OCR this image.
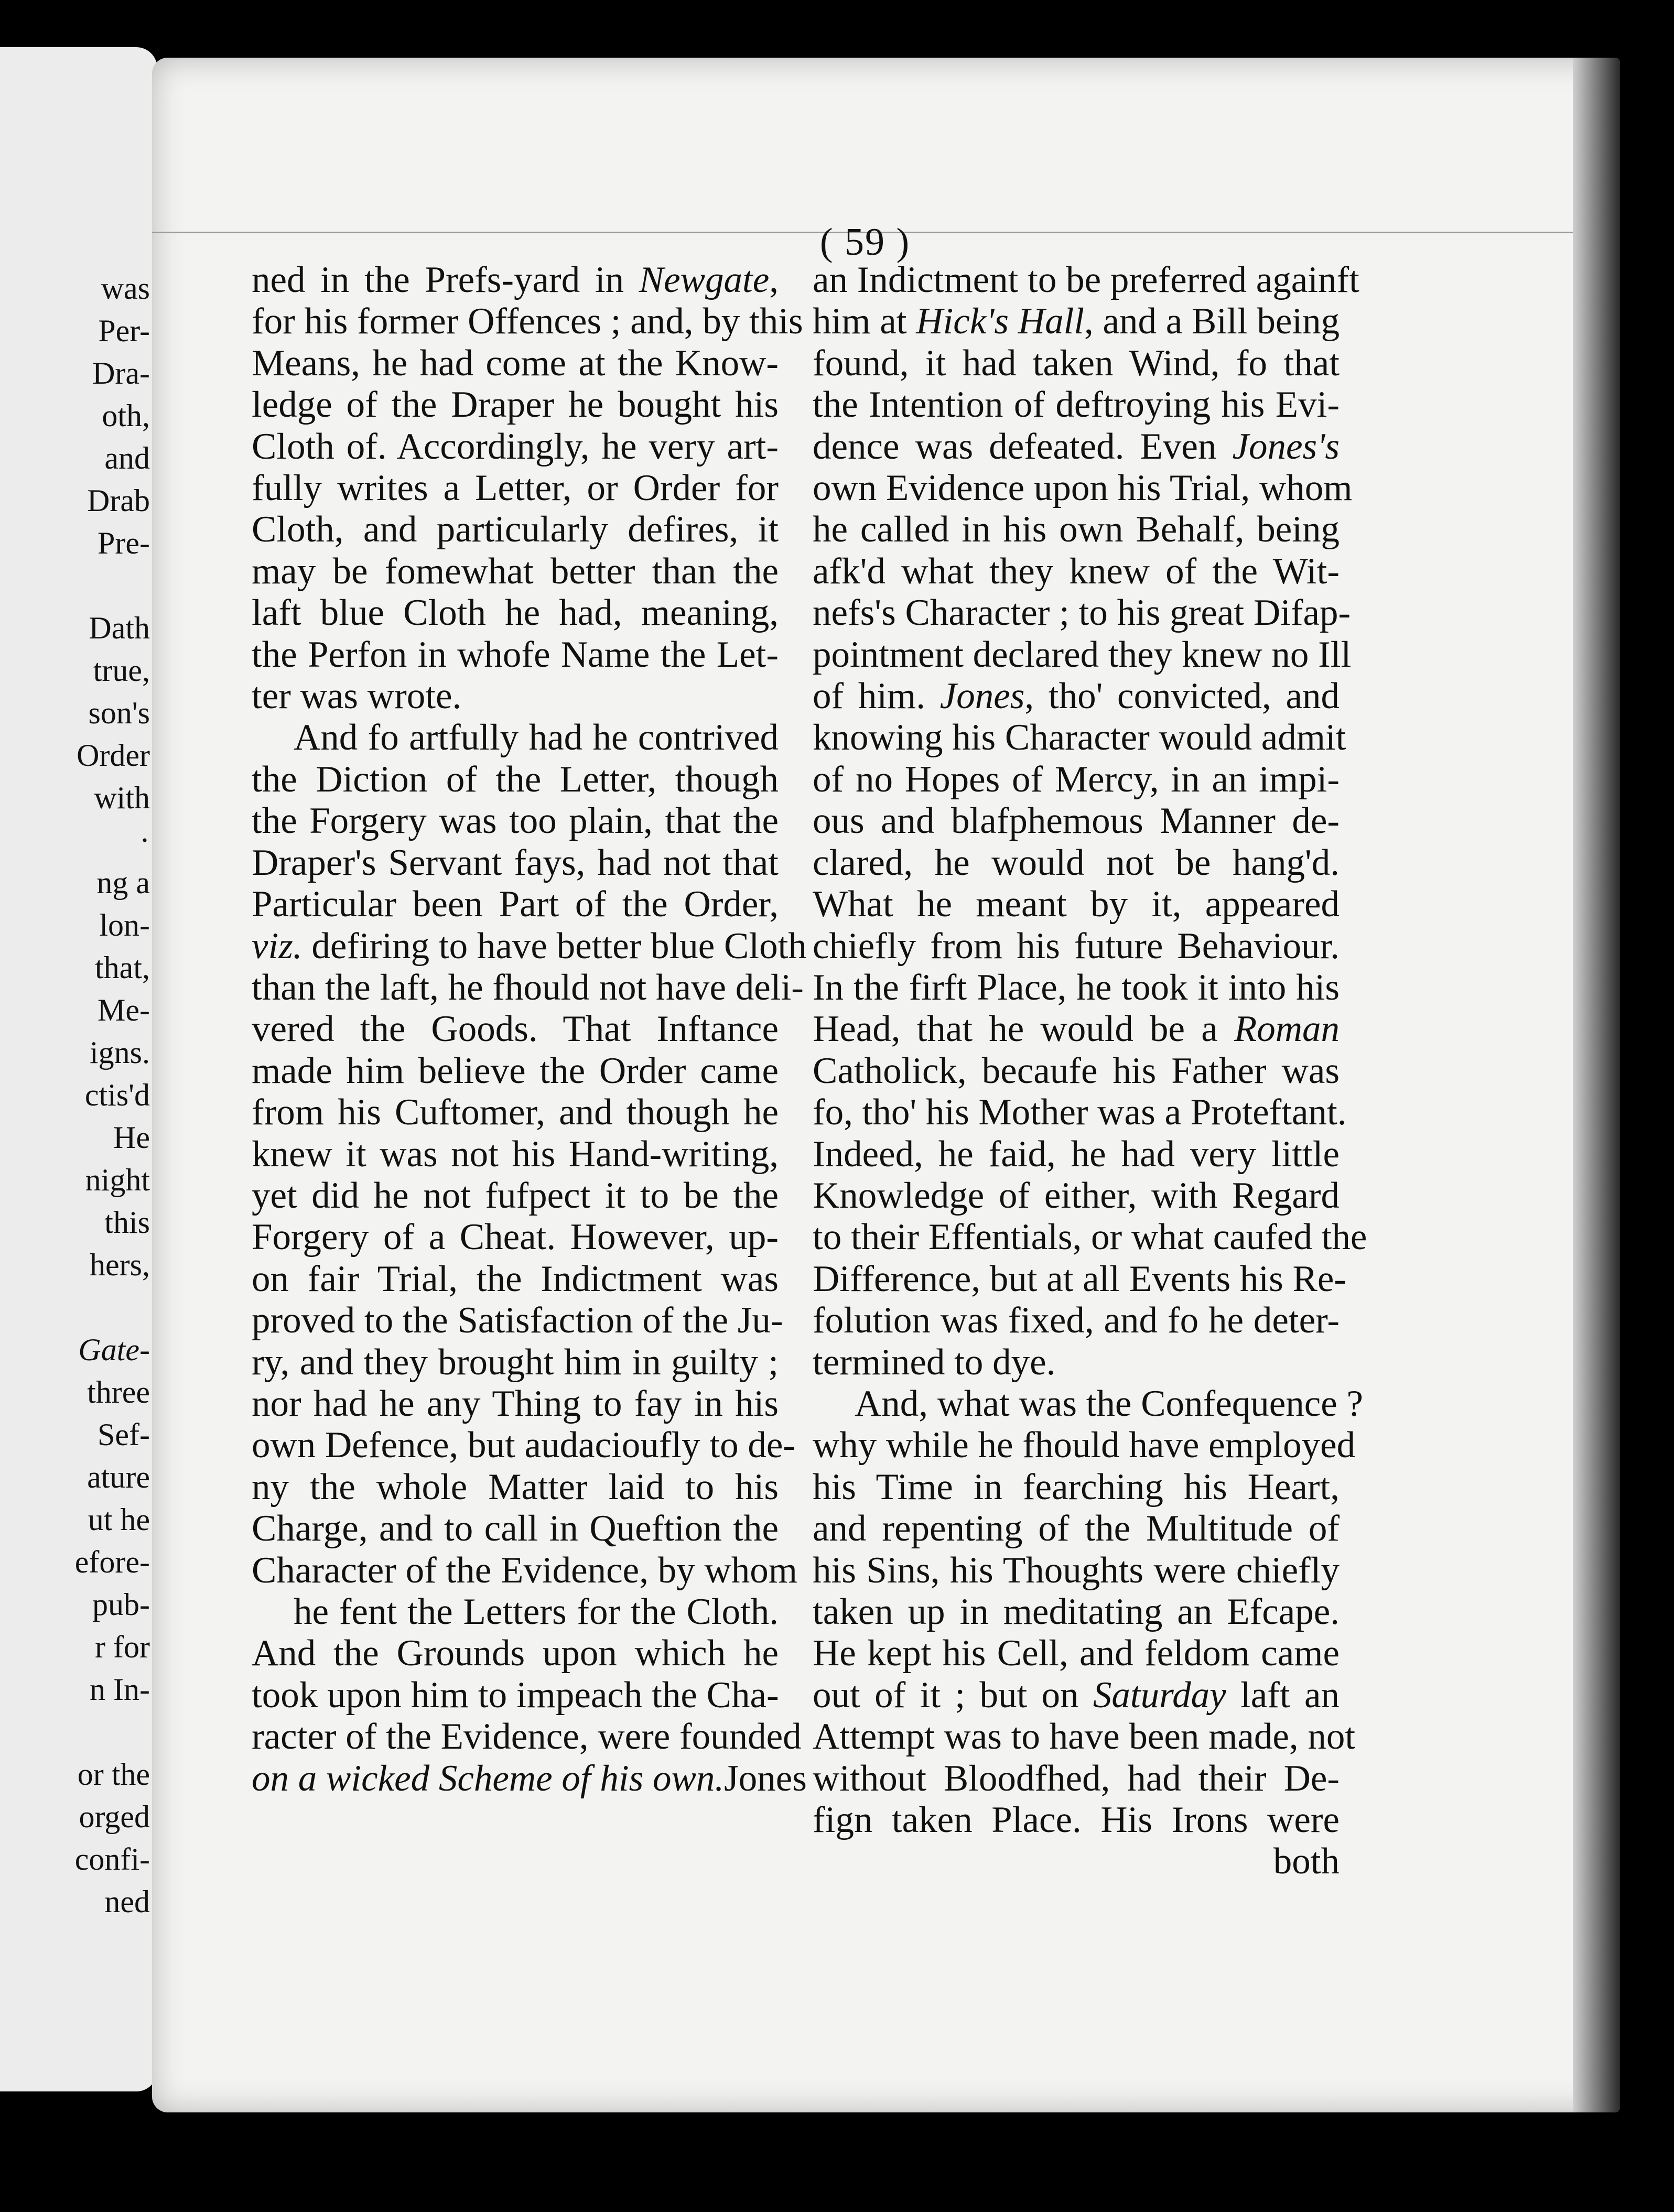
was
Per-
Dra-
oth,
and
Drab
Pre-
Dath
true,
son's
Order
with
·
ng a
lon-
that,
Me-
igns.
ctis'd
He
night
this
hers,
Gate-
three
Sef-
ature
ut he
efore-
pub-
r for
n In-
or the
orged
confi-
ned
( 59 )
ned in the Prefs-yard in Newgate,
for his former Offences ; and, by this
Means, he had come at the Know-
ledge of the Draper he bought his
Cloth of. Accordingly, he very art-
fully writes a Letter, or Order for
Cloth, and particularly defires, it
may be fomewhat better than the
laft blue Cloth he had, meaning,
the Perfon in whofe Name the Let-
ter was wrote.
And fo artfully had he contrived
the Diction of the Letter, though
the Forgery was too plain, that the
Draper's Servant fays, had not that
Particular been Part of the Order,
viz. defiring to have better blue Cloth
than the laft, he fhould not have deli-
vered the Goods. That Inftance
made him believe the Order came
from his Cuftomer, and though he
knew it was not his Hand-writing,
yet did he not fufpect it to be the
Forgery of a Cheat. However, up-
on fair Trial, the Indictment was
proved to the Satisfaction of the Ju-
ry, and they brought him in guilty ;
nor had he any Thing to fay in his
own Defence, but audacioufly to de-
ny the whole Matter laid to his
Charge, and to call in Queftion the
Character of the Evidence, by whom
he fent the Letters for the Cloth.
And the Grounds upon which he
took upon him to impeach the Cha-
racter of the Evidence, were founded
on a wicked Scheme of his own.Jones
an Indictment to be preferred againft
him at Hick's Hall, and a Bill being
found, it had taken Wind, fo that
the Intention of deftroying his Evi-
dence was defeated. Even Jones's
own Evidence upon his Trial, whom
he called in his own Behalf, being
afk'd what they knew of the Wit-
nefs's Character ; to his great Difap-
pointment declared they knew no Ill
of him. Jones, tho' convicted, and
knowing his Character would admit
of no Hopes of Mercy, in an impi-
ous and blafphemous Manner de-
clared, he would not be hang'd.
What he meant by it, appeared
chiefly from his future Behaviour.
In the firft Place, he took it into his
Head, that he would be a Roman
Catholick, becaufe his Father was
fo, tho' his Mother was a Proteftant.
Indeed, he faid, he had very little
Knowledge of either, with Regard
to their Effentials, or what caufed the
Difference, but at all Events his Re-
folution was fixed, and fo he deter-
termined to dye.
And, what was the Confequence ?
why while he fhould have employed
his Time in fearching his Heart,
and repenting of the Multitude of
his Sins, his Thoughts were chiefly
taken up in meditating an Efcape.
He kept his Cell, and feldom came
out of it ; but on Saturday laft an
Attempt was to have been made, not
without Bloodfhed, had their De-
fign taken Place. His Irons were
both
